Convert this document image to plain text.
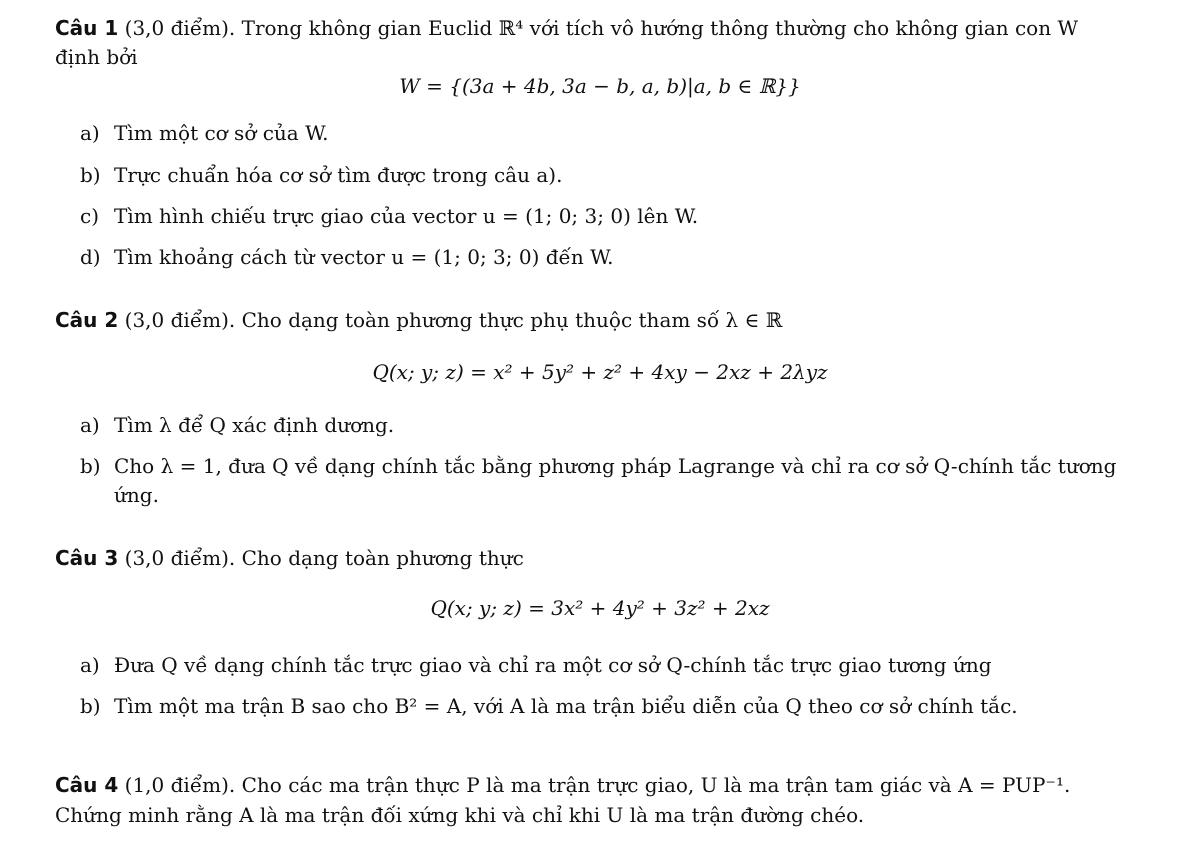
Câu 1 (3,0 điểm). Trong không gian Euclid ℝ⁴ với tích vô hướng thông thường cho không gian con W
định bởi
W = {(3a + 4b, 3a − b, a, b)|a, b ∈ ℝ}}
a) Tìm một cơ sở của W.
b) Trực chuẩn hóa cơ sở tìm được trong câu a).
c) Tìm hình chiếu trực giao của vector u = (1; 0; 3; 0) lên W.
d) Tìm khoảng cách từ vector u = (1; 0; 3; 0) đến W.
Câu 2 (3,0 điểm). Cho dạng toàn phương thực phụ thuộc tham số λ ∈ ℝ
Q(x; y; z) = x² + 5y² + z² + 4xy − 2xz + 2λyz
a) Tìm λ để Q xác định dương.
b) Cho λ = 1, đưa Q về dạng chính tắc bằng phương pháp Lagrange và chỉ ra cơ sở Q-chính tắc tương
ứng.
Câu 3 (3,0 điểm). Cho dạng toàn phương thực
Q(x; y; z) = 3x² + 4y² + 3z² + 2xz
a) Đưa Q về dạng chính tắc trực giao và chỉ ra một cơ sở Q-chính tắc trực giao tương ứng
b) Tìm một ma trận B sao cho B² = A, với A là ma trận biểu diễn của Q theo cơ sở chính tắc.
Câu 4 (1,0 điểm). Cho các ma trận thực P là ma trận trực giao, U là ma trận tam giác và A = PUP⁻¹.
Chứng minh rằng A là ma trận đối xứng khi và chỉ khi U là ma trận đường chéo.
